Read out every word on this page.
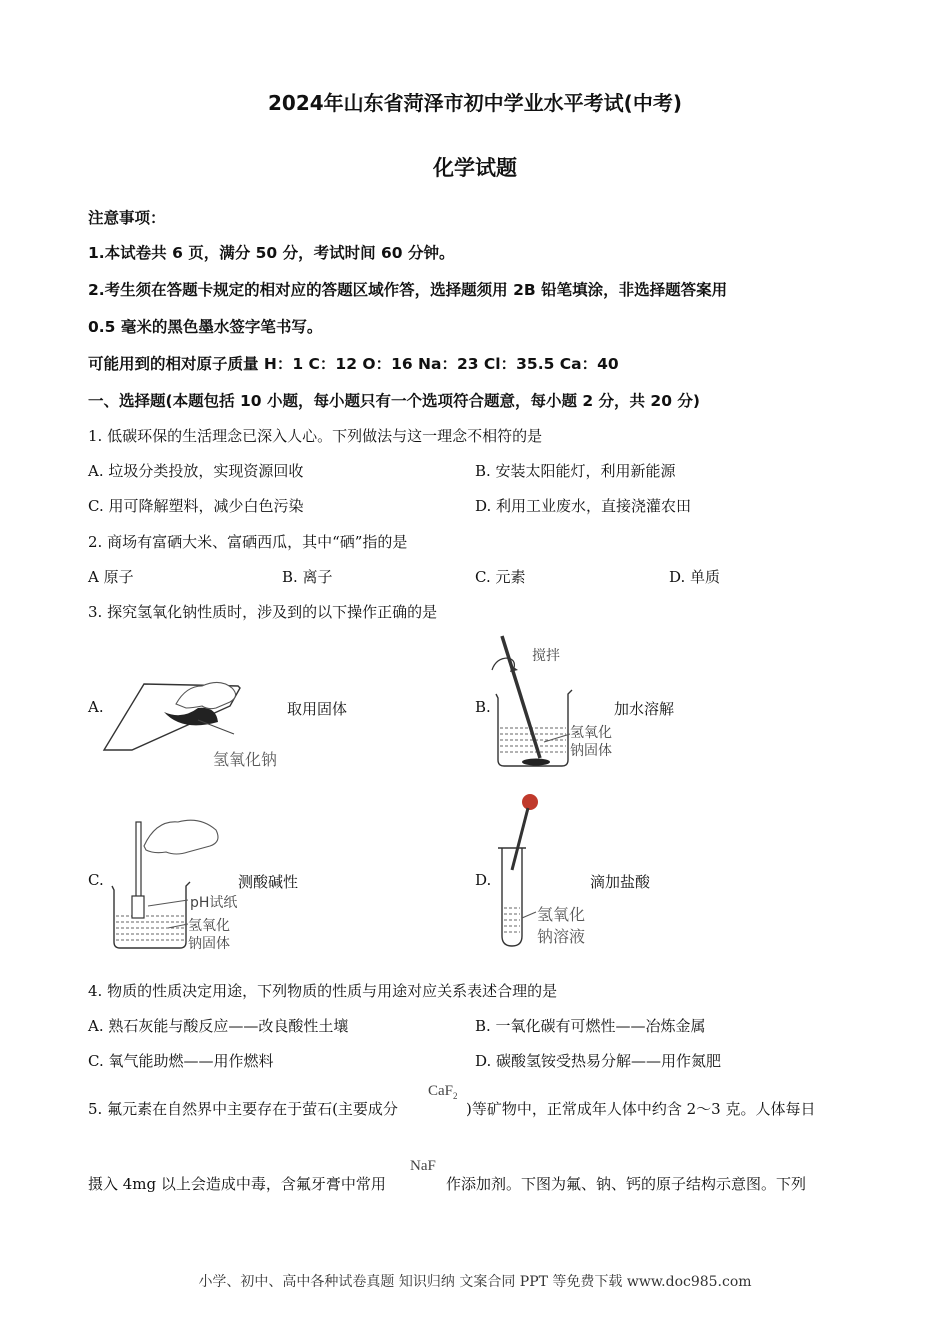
2024年山东省菏泽市初中学业水平考试(中考)
化学试题
注意事项：
1.本试卷共 6 页，满分 50 分，考试时间 60 分钟。
2.考生须在答题卡规定的相对应的答题区域作答，选择题须用 2B 铅笔填涂，非选择题答案用
0.5 毫米的黑色墨水签字笔书写。
可能用到的相对原子质量 H：1 C：12 O：16 Na：23 Cl：35.5 Ca：40
一、选择题(本题包括 10 小题，每小题只有一个选项符合题意，每小题 2 分，共 20 分)
1. 低碳环保的生活理念已深入人心。下列做法与这一理念不相符的是
A. 垃圾分类投放，实现资源回收	B. 安装太阳能灯，利用新能源
C. 用可降解塑料，减少白色污染	D. 利用工业废水，直接浇灌农田
2. 商场有富硒大米、富硒西瓜，其中“硒”指的是
A 原子	B. 离子	C. 元素	D. 单质
3. 探究氢氧化钠性质时，涉及到的以下操作正确的是
A.
氢氧化钠
取用固体	B.
搅拌
氢氧化
钠固体
加水溶解
C.
pH试纸
氢氧化
钠固体
测酸碱性	D.
氢氧化
钠溶液
滴加盐酸
4. 物质的性质决定用途，下列物质的性质与用途对应关系表述合理的是
A. 熟石灰能与酸反应——改良酸性土壤	B. 一氧化碳有可燃性——冶炼金属
C. 氧气能助燃——用作燃料	D. 碳酸氢铵受热易分解——用作氮肥
5. 氟元素在自然界中主要存在于萤石(主要成分
CaF$_2$
)等矿物中，正常成年人体中约含 2～3 克。人体每日
摄入 4mg 以上会造成中毒，含氟牙膏中常用
NaF
作添加剂。下图为氟、钠、钙的原子结构示意图。下列
小学、初中、高中各种试卷真题 知识归纳 文案合同 PPT 等免费下载 www.doc985.com
